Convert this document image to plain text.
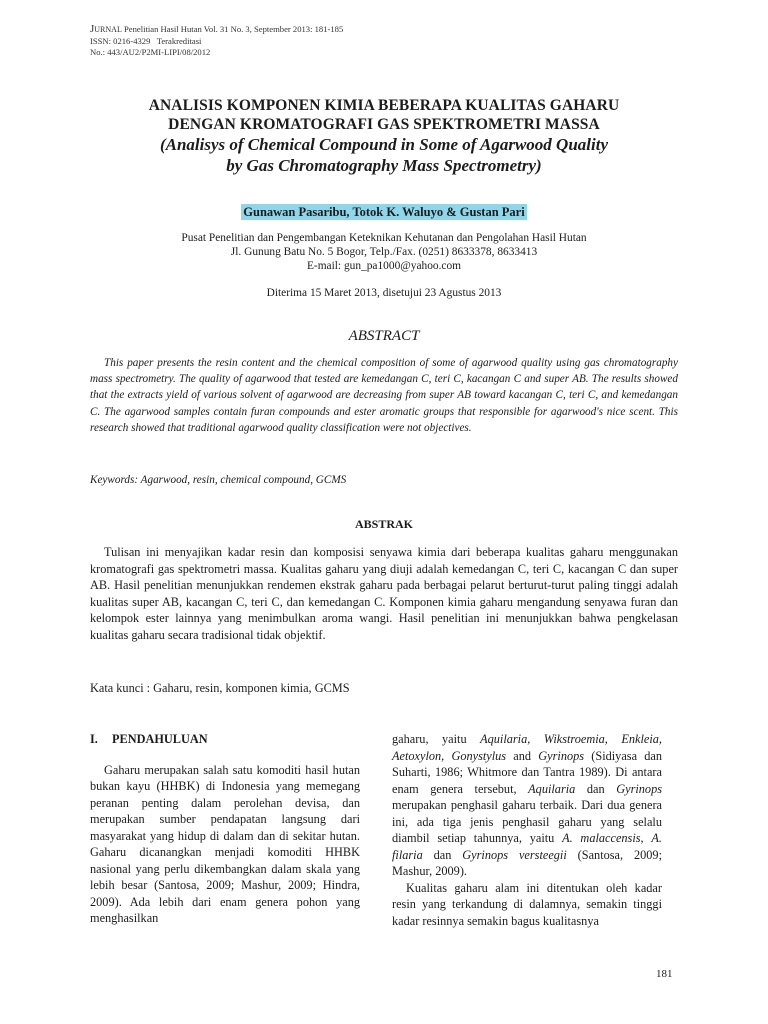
Jurnal Penelitian Hasil Hutan Vol. 31 No. 3, September 2013: 181-185
ISSN: 0216-4329   Terakreditasi
No.: 443/AU2/P2MI-LIPI/08/2012
ANALISIS KOMPONEN KIMIA BEBERAPA KUALITAS GAHARU
DENGAN KROMATOGRAFI GAS SPEKTROMETRI MASSA
(Analisys of Chemical Compound in Some of Agarwood Quality
by Gas Chromatography Mass Spectrometry)
Gunawan Pasaribu, Totok K. Waluyo & Gustan Pari
Pusat Penelitian dan Pengembangan Keteknikan Kehutanan dan Pengolahan Hasil Hutan
Jl. Gunung Batu No. 5 Bogor, Telp./Fax. (0251) 8633378, 8633413
E-mail: gun_pa1000@yahoo.com
Diterima 15 Maret 2013, disetujui 23 Agustus 2013
ABSTRACT

This paper presents the resin content and the chemical composition of some of agarwood quality using gas chromatography mass spectrometry. The quality of agarwood that tested are kemedangan C, teri C, kacangan C and super AB. The results showed that the extracts yield of various solvent of agarwood are decreasing from super AB toward kacangan C, teri C, and kemedangan C. The agarwood samples contain furan compounds and ester aromatic groups that responsible for agarwood's nice scent. This research showed that traditional agarwood quality classification were not objectives.

Keywords: Agarwood, resin, chemical compound, GCMS
ABSTRAK

Tulisan ini menyajikan kadar resin dan komposisi senyawa kimia dari beberapa kualitas gaharu menggunakan kromatografi gas spektrometri massa. Kualitas gaharu yang diuji adalah kemedangan C, teri C, kacangan C dan super AB. Hasil penelitian menunjukkan rendemen ekstrak gaharu pada berbagai pelarut berturut-turut paling tinggi adalah kualitas super AB, kacangan C, teri C, dan kemedangan C. Komponen kimia gaharu mengandung senyawa furan dan kelompok ester lainnya yang menimbulkan aroma wangi. Hasil penelitian ini menunjukkan bahwa pengkelasan kualitas gaharu secara tradisional tidak objektif.

Kata kunci : Gaharu, resin, komponen kimia, GCMS
I. PENDAHULUAN

Gaharu merupakan salah satu komoditi hasil hutan bukan kayu (HHBK) di Indonesia yang memegang peranan penting dalam perolehan devisa, dan merupakan sumber pendapatan langsung dari masyarakat yang hidup di dalam dan di sekitar hutan. Gaharu dicanangkan menjadi komoditi HHBK nasional yang perlu dikembangkan dalam skala yang lebih besar (Santosa, 2009; Mashur, 2009; Hindra, 2009). Ada lebih dari enam genera pohon yang menghasilkan

gaharu, yaitu Aquilaria, Wikstroemia, Enkleia, Aetoxylon, Gonystylus and Gyrinops (Sidiyasa dan Suharti, 1986; Whitmore dan Tantra 1989). Di antara enam genera tersebut, Aquilaria dan Gyrinops merupakan penghasil gaharu terbaik. Dari dua genera ini, ada tiga jenis penghasil gaharu yang selalu diambil setiap tahunnya, yaitu A. malaccensis, A. filaria dan Gyrinops versteegii (Santosa, 2009; Mashur, 2009).

Kualitas gaharu alam ini ditentukan oleh kadar resin yang terkandung di dalamnya, semakin tinggi kadar resinnya semakin bagus kualitasnya

181
